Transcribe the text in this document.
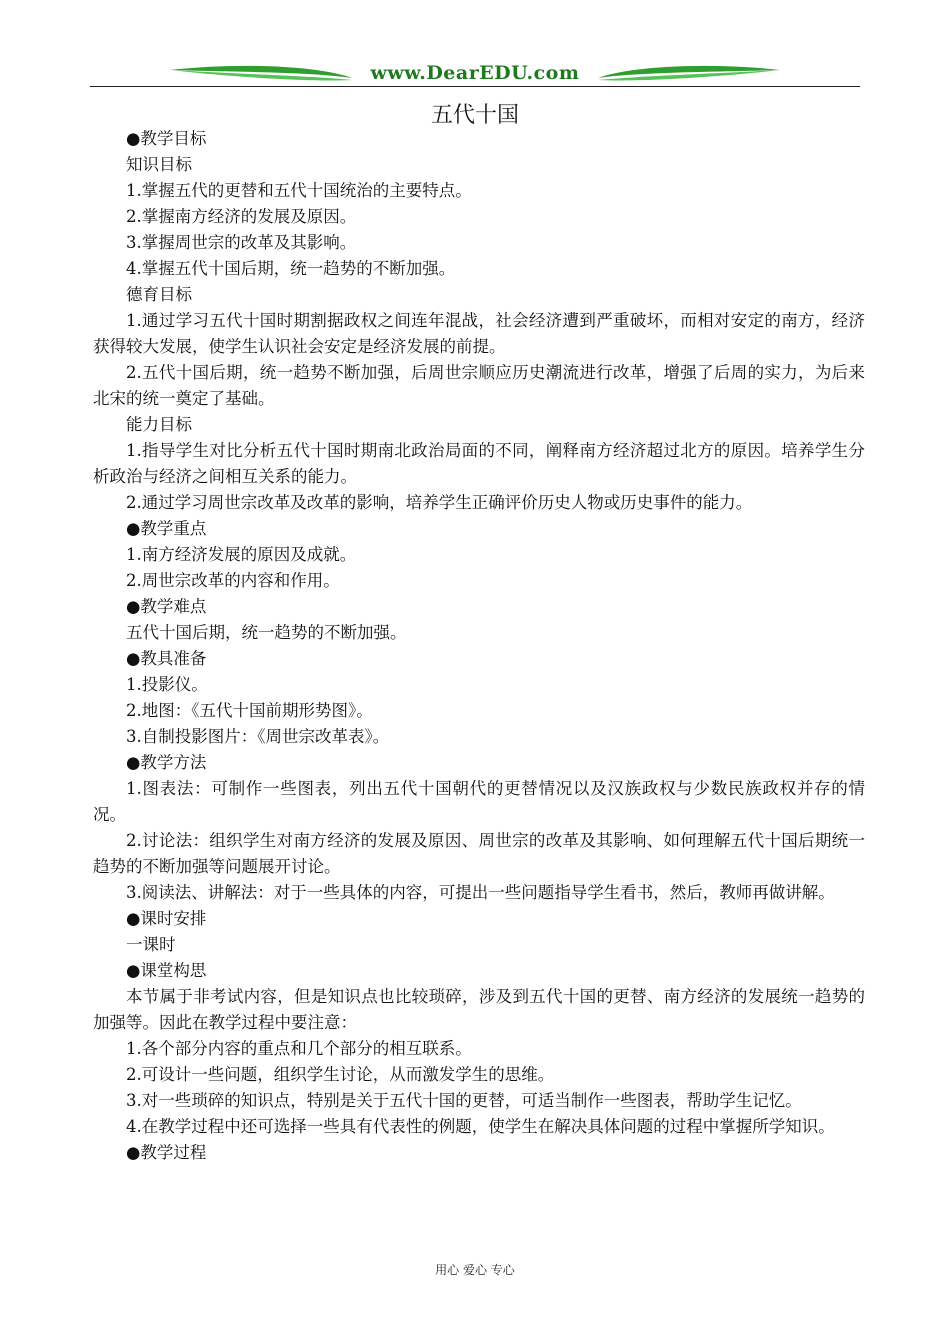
www.DearEDU.com
五代十国

●教学目标

知识目标

1.掌握五代的更替和五代十国统治的主要特点。

2.掌握南方经济的发展及原因。

3.掌握周世宗的改革及其影响。

4.掌握五代十国后期，统一趋势的不断加强。

德育目标

1.通过学习五代十国时期割据政权之间连年混战，社会经济遭到严重破坏，而相对安定的南方，经济获得较大发展，使学生认识社会安定是经济发展的前提。

2.五代十国后期，统一趋势不断加强，后周世宗顺应历史潮流进行改革，增强了后周的实力，为后来北宋的统一奠定了基础。

能力目标

1.指导学生对比分析五代十国时期南北政治局面的不同，阐释南方经济超过北方的原因。培养学生分析政治与经济之间相互关系的能力。

2.通过学习周世宗改革及改革的影响，培养学生正确评价历史人物或历史事件的能力。

●教学重点

1.南方经济发展的原因及成就。

2.周世宗改革的内容和作用。

●教学难点

五代十国后期，统一趋势的不断加强。

●教具准备

1.投影仪。

2.地图：《五代十国前期形势图》。

3.自制投影图片：《周世宗改革表》。

●教学方法

1.图表法：可制作一些图表，列出五代十国朝代的更替情况以及汉族政权与少数民族政权并存的情况。

2.讨论法：组织学生对南方经济的发展及原因、周世宗的改革及其影响、如何理解五代十国后期统一趋势的不断加强等问题展开讨论。

3.阅读法、讲解法：对于一些具体的内容，可提出一些问题指导学生看书，然后，教师再做讲解。

●课时安排

一课时

●课堂构思

本节属于非考试内容，但是知识点也比较琐碎，涉及到五代十国的更替、南方经济的发展统一趋势的加强等。因此在教学过程中要注意：

1.各个部分内容的重点和几个部分的相互联系。

2.可设计一些问题，组织学生讨论，从而激发学生的思维。

3.对一些琐碎的知识点，特别是关于五代十国的更替，可适当制作一些图表，帮助学生记忆。

4.在教学过程中还可选择一些具有代表性的例题，使学生在解决具体问题的过程中掌握所学知识。

●教学过程

用心 爱心 专心
